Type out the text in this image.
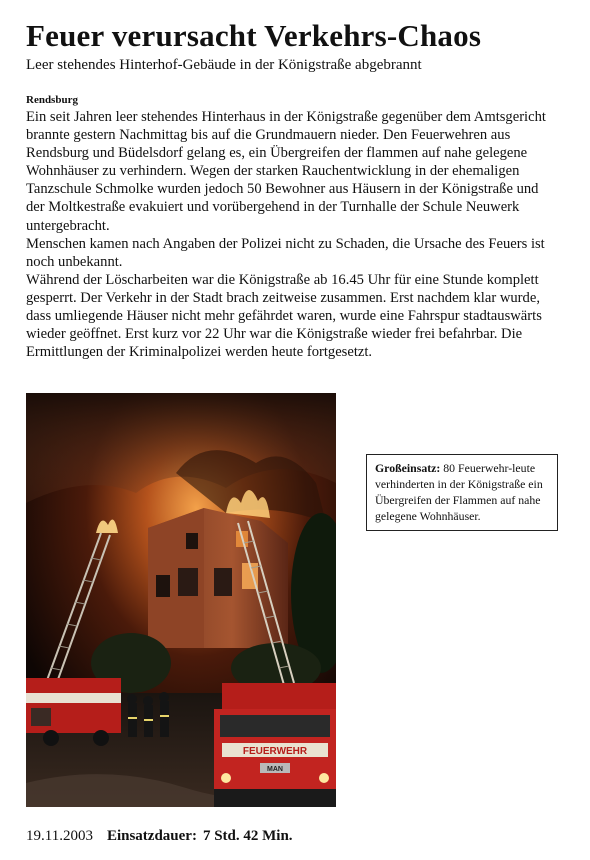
Feuer verursacht Verkehrs-Chaos
Leer stehendes Hinterhof-Gebäude in der Königstraße abgebrannt
Rendsburg

Ein seit Jahren leer stehendes Hinterhaus in der Königstraße gegenüber dem Amtsgericht brannte gestern Nachmittag bis auf die Grundmauern nieder. Den Feuerwehren aus Rendsburg und Büdelsdorf gelang es, ein Übergreifen der flammen auf nahe gelegene Wohnhäuser zu verhindern. Wegen der starken Rauchentwicklung in der ehemaligen Tanzschule Schmolke wurden jedoch 50 Bewohner aus Häusern in der Königstraße und der Moltkestraße evakuiert und vorübergehend in der Turnhalle der Schule Neuwerk untergebracht.

Menschen kamen nach Angaben der Polizei nicht zu Schaden, die Ursache des Feuers ist noch unbekannt.

Während der Löscharbeiten war die Königstraße ab 16.45 Uhr für eine Stunde komplett gesperrt. Der Verkehr in der Stadt brach zeitweise zusammen. Erst nachdem klar wurde, dass umliegende Häuser nicht mehr gefährdet waren, wurde eine Fahrspur stadtauswärts wieder geöffnet. Erst kurz vor 22 Uhr war die Königstraße wieder frei befahrbar. Die Ermittlungen der Kriminalpolizei werden heute fortgesetzt.

FEUERWEHR
MAN
Großeinsatz: 80 Feuerwehr-leute verhinderten in der Königstraße ein Übergreifen der Flammen auf nahe gelegene Wohnhäuser.
19.11.2003 Einsatzdauer: 7 Std. 42 Min.
